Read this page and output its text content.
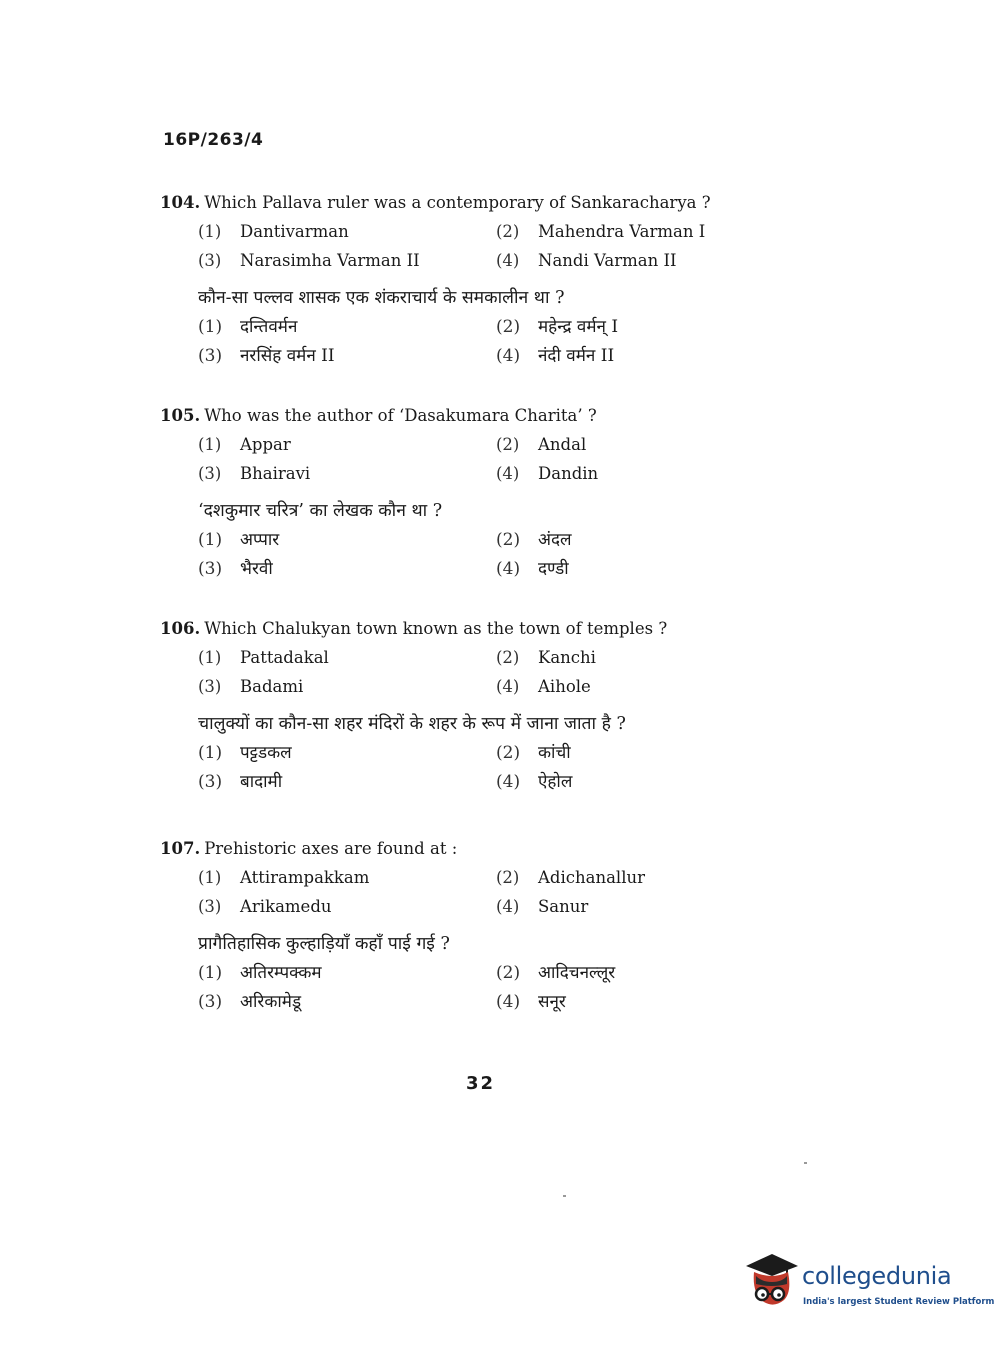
16P/263/4
104. Which Pallava ruler was a contemporary of Sankaracharya ?
(1)	Dantivarman	(2)	Mahendra Varman I
(3)	Narasimha Varman II	(4)	Nandi Varman II
कौन-सा पल्लव शासक एक शंकराचार्य के समकालीन था ?
(1)	दन्तिवर्मन	(2)	महेन्द्र वर्मन् I
(3)	नरसिंह वर्मन II	(4)	नंदी वर्मन II
105. Who was the author of ‘Dasakumara Charita’ ?
(1)	Appar	(2)	Andal
(3)	Bhairavi	(4)	Dandin
‘दशकुमार चरित्र’ का लेखक कौन था ?
(1)	अप्पार	(2)	अंदल
(3)	भैरवी	(4)	दण्डी
106. Which Chalukyan town known as the town of temples ?
(1)	Pattadakal	(2)	Kanchi
(3)	Badami	(4)	Aihole
चालुक्यों का कौन-सा शहर मंदिरों के शहर के रूप में जाना जाता है ?
(1)	पट्टडकल	(2)	कांची
(3)	बादामी	(4)	ऐहोल
107. Prehistoric axes are found at :
(1)	Attirampakkam	(2)	Adichanallur
(3)	Arikamedu	(4)	Sanur
प्रागैतिहासिक कुल्हाड़ियाँ कहाँ पाई गई ?
(1)	अतिरम्पक्कम	(2)	आदिचनल्लूर
(3)	अरिकामेडू	(4)	सनूर
32
collegedunia
India's largest Student Review Platform
